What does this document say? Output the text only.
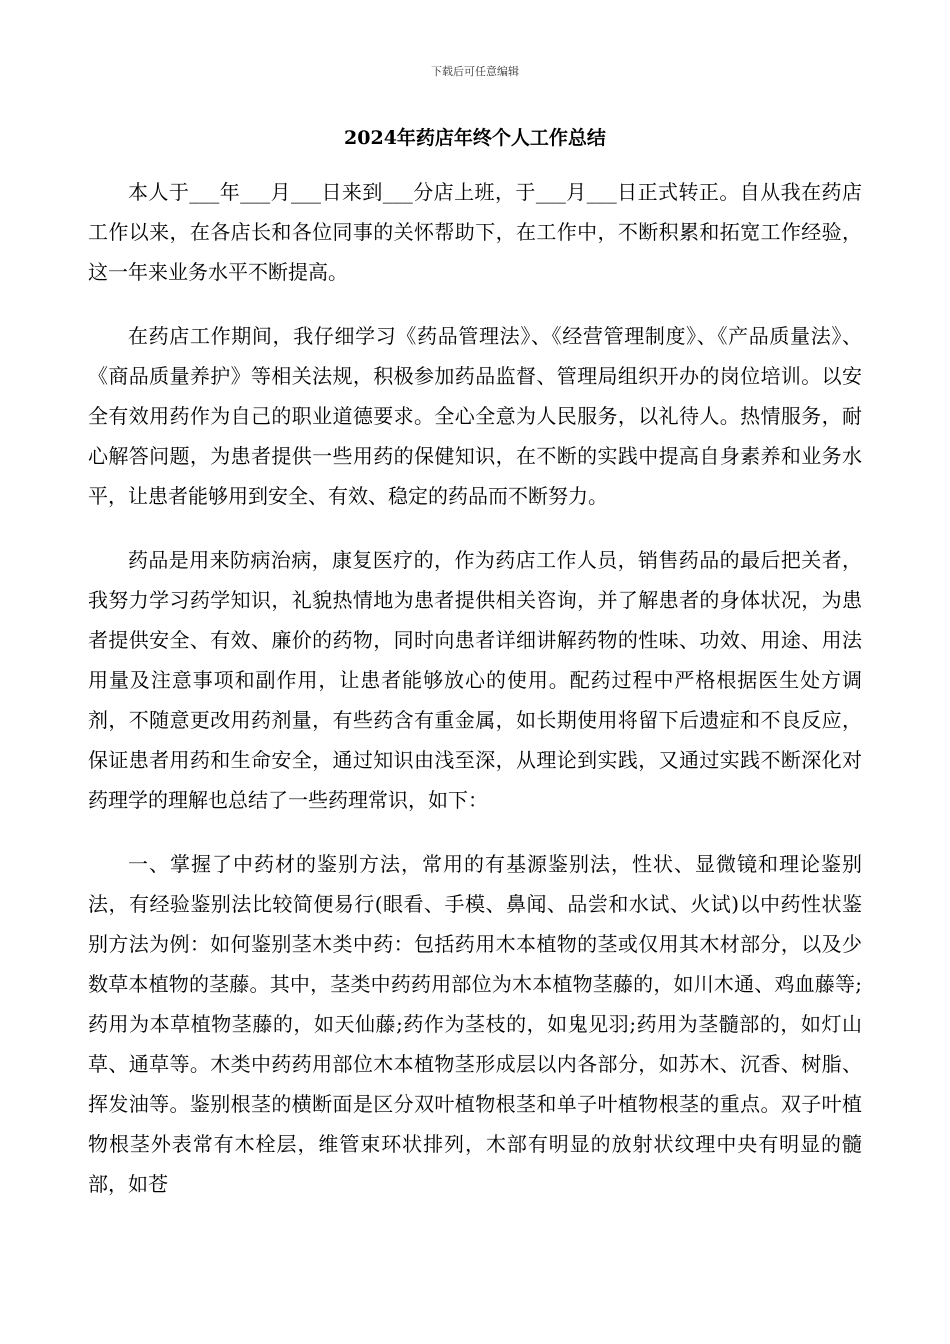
下载后可任意编辑
2024年药店年终个人工作总结

本人于___年___月___日来到___分店上班，于___月___日正式转正。自从我在药店工作以来，在各店长和各位同事的关怀帮助下，在工作中，不断积累和拓宽工作经验，这一年来业务水平不断提高。

在药店工作期间，我仔细学习《药品管理法》、《经营管理制度》、《产品质量法》、《商品质量养护》等相关法规，积极参加药品监督、管理局组织开办的岗位培训。以安全有效用药作为自己的职业道德要求。全心全意为人民服务，以礼待人。热情服务，耐心解答问题，为患者提供一些用药的保健知识，在不断的实践中提高自身素养和业务水平，让患者能够用到安全、有效、稳定的药品而不断努力。

药品是用来防病治病，康复医疗的，作为药店工作人员，销售药品的最后把关者，我努力学习药学知识，礼貌热情地为患者提供相关咨询，并了解患者的身体状况，为患者提供安全、有效、廉价的药物，同时向患者详细讲解药物的性味、功效、用途、用法用量及注意事项和副作用，让患者能够放心的使用。配药过程中严格根据医生处方调剂，不随意更改用药剂量，有些药含有重金属，如长期使用将留下后遗症和不良反应，保证患者用药和生命安全，通过知识由浅至深，从理论到实践，又通过实践不断深化对药理学的理解也总结了一些药理常识，如下：

一、掌握了中药材的鉴别方法，常用的有基源鉴别法，性状、显微镜和理论鉴别法，有经验鉴别法比较简便易行(眼看、手模、鼻闻、品尝和水试、火试)以中药性状鉴别方法为例：如何鉴别茎木类中药：包括药用木本植物的茎或仅用其木材部分，以及少数草本植物的茎藤。其中，茎类中药药用部位为木本植物茎藤的，如川木通、鸡血藤等;药用为本草植物茎藤的，如天仙藤;药作为茎枝的，如鬼见羽;药用为茎髓部的，如灯山草、通草等。木类中药药用部位木本植物茎形成层以内各部分，如苏木、沉香、树脂、挥发油等。鉴别根茎的横断面是区分双叶植物根茎和单子叶植物根茎的重点。双子叶植物根茎外表常有木栓层，维管束环状排列，木部有明显的放射状纹理中央有明显的髓部，如苍
